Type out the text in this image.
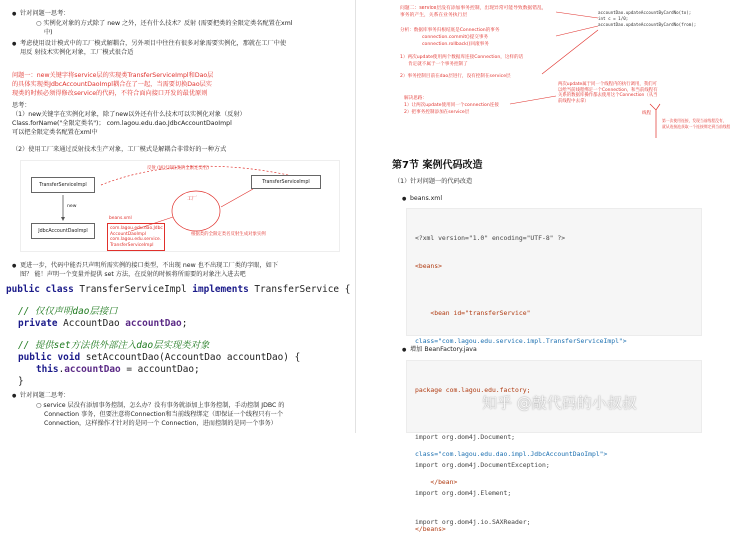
● 针对问题一思考：
○ 实例化对象的方式除了 new 之外，还有什么技术？反射 (需要把类的全限定类名配置在xml
中)
● 考虑使用设计模式中的工厂模式解耦合，另外项目中往往有很多对象需要实例化，那就在工厂中使
用反 射技术实例化对象，工厂模式很合适
问题一：new关键字将service层的实现类TransferServiceImpl和Dao层
的具体实现类JdbcAccountDaoImpl耦合在了一起，当需要切换Dao层实
现类的时候必须得修改service的代码，不符合面向接口开发的最优原则
思考：
（1）new关键字在实例化对象，除了new以外还有什么技术可以实例化对象（反射）
Class.forName("全限定类名")； com.lagou.edu.dao.JdbcAccountDaoImpl
可以把全限定类名配置在xml中
（2）使用工厂来通过反射技术生产对象，工厂模式是解耦合非常好的一种方式
TransferServiceImpl
JdbcAccountDaoImpl
TransferServiceImpl
new
工厂
反射 (通过读取类的全限定类名)
beans.xml
com.lagou.edu.dao.Jdbc
AccountDaoImpl
com.lagou.edu.service.
TransferServiceImpl
根据类的全限定类名反射生成对象实例
● 更进一步，代码中能否只声明所需实例的接口类型，不出现 new 也不出现工厂类的字眼，如下
图？ 能！声明一个变量并提供 set 方法，在反射的时候将所需要的对象注入进去吧
public class TransferServiceImpl implements TransferService {
// 仅仅声明dao层接口
private AccountDao accountDao;
// 提供set方法供外部注入dao层实现类对象
public void setAccountDao(AccountDao accountDao) {
this.accountDao = accountDao;
}
● 针对问题二思考：
○ service 层没有添加事务控制，怎么办？没有事务就添加上事务控制，手动控制 JDBC 的
Connection 事务，但要注意将Connection和当前线程绑定（即保证一个线程只有一个
Connection，这样操作才针对的是同一个 Connection，进而控制的是同一个事务）
问题二：service层没有添加事务控制，出现异常可能导致数据错乱，
事务的产生，关系在业务执行层
分析：数据库事务归根结底是Connection的事务
connection.commit()提交事务
connection.rollback()回滚事务
1）两次update使用两个数据库连接Connection，这样的话
肯定就不属于一个事务控制了
2）事务控制目前在dao层进行，没有控制在service层
解决思路：
1）让两次update使用同一个connection连接
2）把事务控制添加在service层
accountDao.updateAccountByCardNo(to);
int c = 1/0;
accountDao.updateAccountByCardNo(from);
两次update属于同一个线程内的执行调用，我们可
以给当前线程绑定一个Connection，和当前线程有
关系的数据库操作都去使用这个Connection（从当
前线程中去拿）
线程
第一次使用连接，发现当前线程没有，
就从连接池获取一个连接绑定到当前线程
第7节 案例代码改造
（1）针对问题一的代码改造
● beans.xml

<?xml version="1.0" encoding="UTF-8" ?>

<beans>

<bean id="transferService"

class="com.lagou.edu.service.impl.TransferServiceImpl">

class="com.lagou.edu.dao.impl.JdbcAccountDaoImpl">

</bean>

</beans>

● 增加 BeanFactory.java

package com.lagou.edu.factory;

import org.dom4j.Document;

import org.dom4j.DocumentException;

import org.dom4j.Element;

import org.dom4j.io.SAXReader;

知乎 @敲代码的小叔叔
